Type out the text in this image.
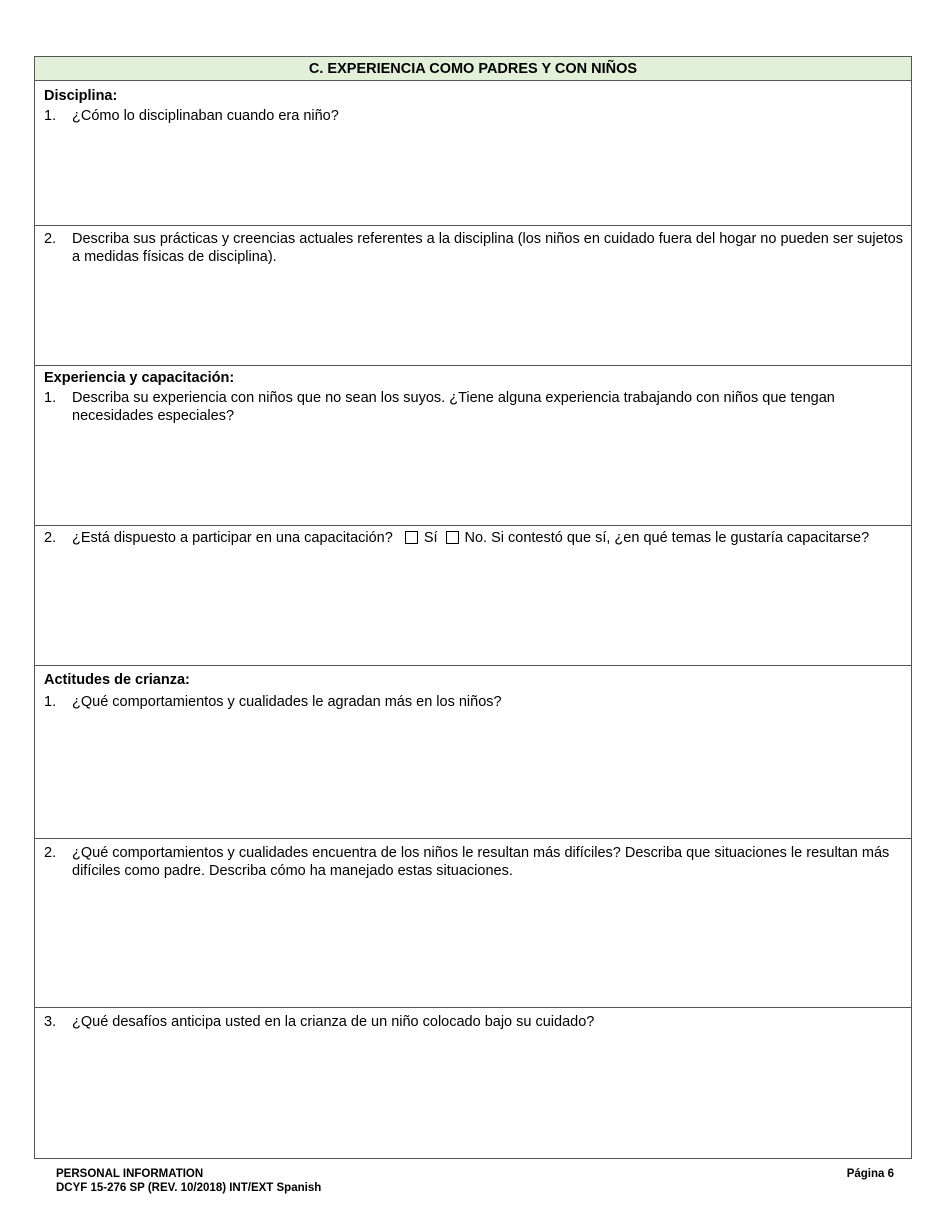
C. EXPERIENCIA COMO PADRES Y CON NIÑOS
Disciplina:
1.	¿Cómo lo disciplinaban cuando era niño?
2.	Describa sus prácticas y creencias actuales referentes a la disciplina (los niños en cuidado fuera del hogar no pueden ser sujetos a medidas físicas de disciplina).
Experiencia y capacitación:
1.	Describa su experiencia con niños que no sean los suyos. ¿Tiene alguna experiencia trabajando con niños que tengan necesidades especiales?
2.	¿Está dispuesto a participar en una capacitación? Sí No. Si contestó que sí, ¿en qué temas le gustaría capacitarse?
Actitudes de crianza:
1.	¿Qué comportamientos y cualidades le agradan más en los niños?
2.	¿Qué comportamientos y cualidades encuentra de los niños le resultan más difíciles? Describa que situaciones le resultan más difíciles como padre. Describa cómo ha manejado estas situaciones.
3.	¿Qué desafíos anticipa usted en la crianza de un niño colocado bajo su cuidado?
PERSONAL INFORMATION
DCYF 15-276 SP (REV. 10/2018) INT/EXT Spanish
Página 6
